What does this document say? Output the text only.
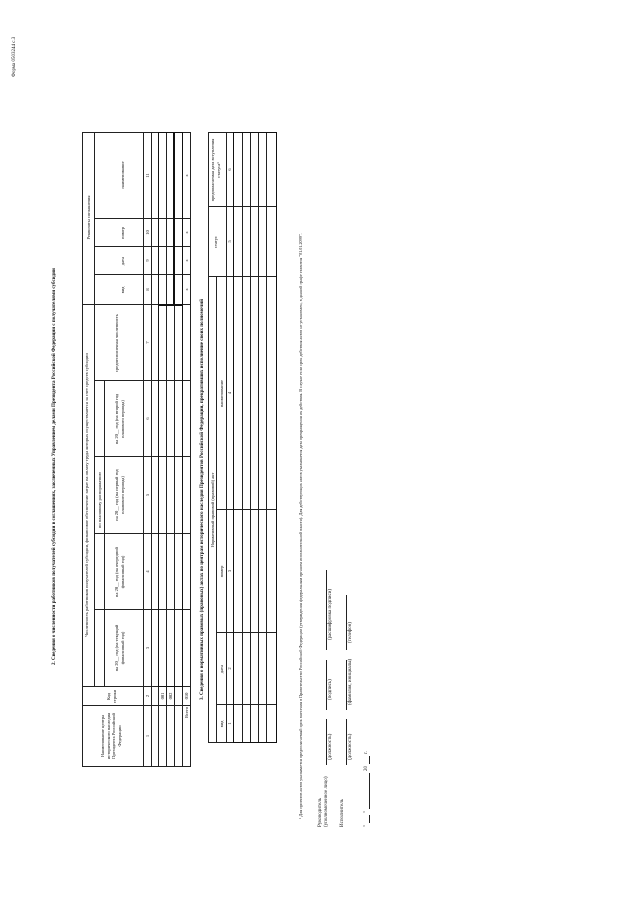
Форма 0503244 с.3
2. Сведения о численности работников получателей субсидии в соглашениях, заключенных Управлением делами Президента Российской Федерации с получателями субсидии
Наименование центра исторического наследия Президента Российской Федерации
Код строки
Численность работников получателей субсидии, финансовое обеспечение затрат на оплату труда которых осуществляется за счет средств субсидии по плановому распоряжению
на 20__ год (на текущий финансовый год)
на 20__ год (на очередной финансовый год)
на 20__ год (на первый год планового периода)
на 20__ год (на второй год планового периода)
среднесписочная численность
Реквизиты соглашения
вид
дата
номер
наименование
1
2
3
4
5
6
7
8
9
10
11
001 002
Всего
010
x
x
x
x
3. Сведения о нормативных правовых (правовых) актах по центрам исторического наследия Президентов Российской Федерации, прекративших исполнение своих полномочий Нормативный правовой (правовой) акт
вид
дата
номер
наименование
статус
предполагаемая дата вступления статуса¹
1
2
3
4
5
6
¹ Для проектов актов указывается предполагаемый срок внесения в Правительство Российской Федерации (утверждения федеральным органом исполнительной власти). Для действующих актов указывается дата прекращения их действия. В случае если срок действия актов не установлен, в данной графе ставится "01.01.2099".	Руководитель (уполномоченное лицо)
(должность)
(подпись)
(расшифровка подписи)
Исполнитель
(должность)
(фамилия, инициалы)
(телефон)
"
"
20
г.
